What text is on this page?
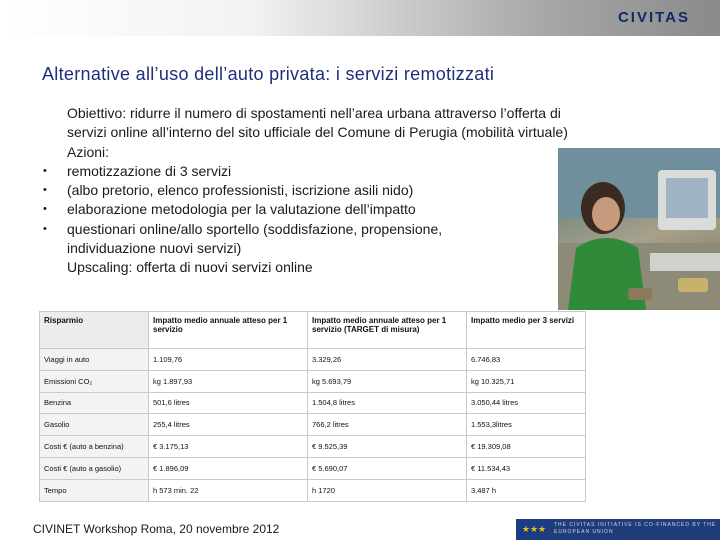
CIVITAS
Alternative all’uso dell’auto privata: i servizi remotizzati
Obiettivo: ridurre il numero di spostamenti nell’area urbana attraverso l’offerta di
servizi online all’interno del sito ufficiale del Comune di Perugia (mobilità virtuale)
Azioni:
• remotizzazione di 3 servizi
• (albo pretorio, elenco professionisti, iscrizione asili nido)
• elaborazione metodologia per la valutazione dell’impatto
• questionari online/allo sportello (soddisfazione, propensione,
individuazione nuovi servizi)
Upscaling: offerta di nuovi servizi online
Risparmio	Impatto medio annuale atteso per 1 servizio	Impatto medio annuale atteso per 1 servizio (TARGET di misura)	Impatto medio per 3 servizi
Viaggi in auto	1.109,76	3.329,26	6.746,83
Emissioni CO₂	kg 1.897,93	kg 5.693,79	kg 10.325,71
Benzina	501,6 litres	1.504,8 litres	3.050,44 litres
Gasolio	255,4 litres	766,2 litres	1.553,3litres
Costi € (auto a benzina)	€ 3.175,13	€ 9.525,39	€ 19.309,08
Costi € (auto a gasolio)	€ 1.896,09	€ 5.690,07	€ 11.534,43
Tempo	h 573 min. 22	h 1720	3.487 h
CIVINET Workshop Roma, 20 novembre 2012	★★★	THE CIVITAS INITIATIVE IS CO-FINANCED BY THE EUROPEAN UNION
